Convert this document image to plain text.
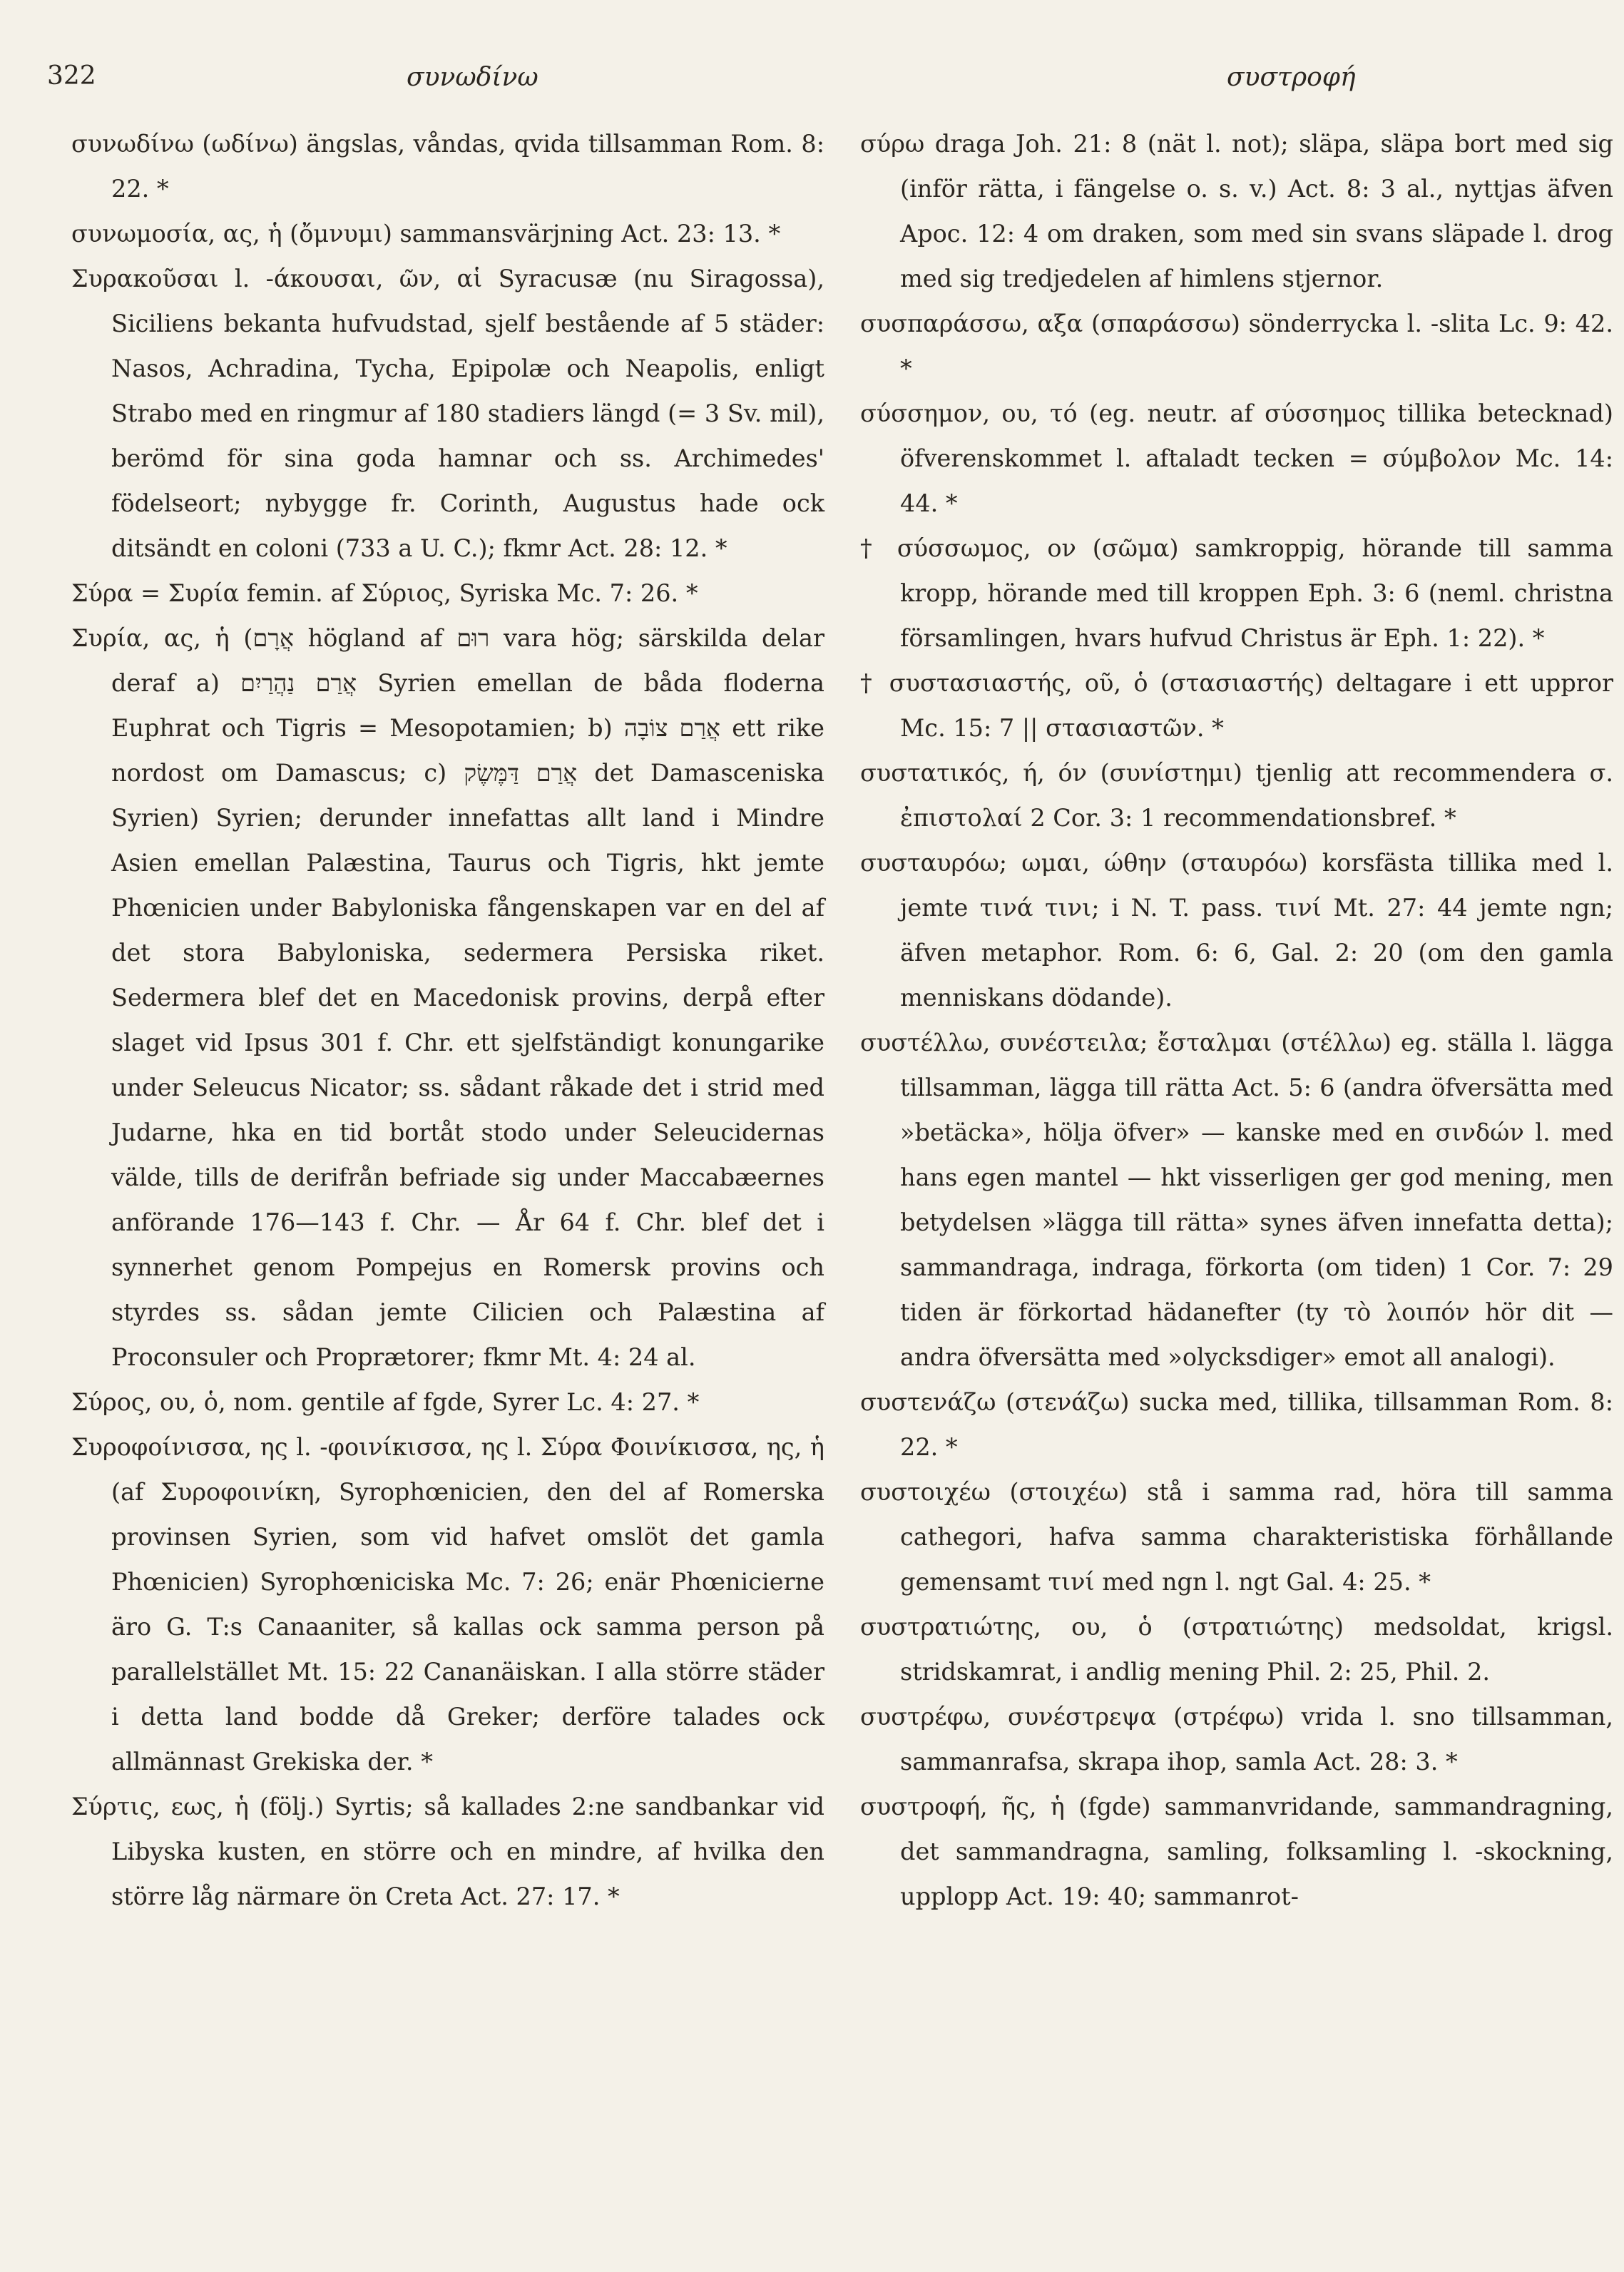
322	συνωδίνω	συστροφή

συνωδίνω (ωδίνω) ängslas, våndas, qvida tillsamman Rom. 8: 22. *

συνωμοσία, ας, ἡ (ὄμνυμι) sammansvärjning Act. 23: 13. *

Συρακοῦσαι l. -άκουσαι, ῶν, αἱ Syracusæ (nu Siragossa), Siciliens bekanta hufvudstad, sjelf bestående af 5 städer: Nasos, Achradina, Tycha, Epipolæ och Neapolis, enligt Strabo med en ringmur af 180 stadiers längd (= 3 Sv. mil), berömd för sina goda hamnar och ss. Archimedes' födelseort; nybygge fr. Corinth, Augustus hade ock ditsändt en coloni (733 a U. C.); fkmr Act. 28: 12. *

Σύρα = Συρία femin. af Σύριος, Syriska Mc. 7: 26. *

Συρία, ας, ἡ (אֲרָם högland af רוּם vara hög; särskilda delar deraf a) אֲרַם נַהֲרַיִם Syrien emellan de båda floderna Euphrat och Tigris = Mesopotamien; b) אֲרַם צוֹבָה ett rike nordost om Damascus; c) אֲרַם דַּמֶּשֶׂק det Damasceniska Syrien) Syrien; derunder innefattas allt land i Mindre Asien emellan Palæstina, Taurus och Tigris, hkt jemte Phœnicien under Babyloniska fångenskapen var en del af det stora Babyloniska, sedermera Persiska riket. Sedermera blef det en Macedonisk provins, derpå efter slaget vid Ipsus 301 f. Chr. ett sjelfständigt konungarike under Seleucus Nicator; ss. sådant råkade det i strid med Judarne, hka en tid bortåt stodo under Seleucidernas välde, tills de derifrån befriade sig under Maccabæernes anförande 176—143 f. Chr. — År 64 f. Chr. blef det i synnerhet genom Pompejus en Romersk provins och styrdes ss. sådan jemte Cilicien och Palæstina af Proconsuler och Proprætorer; fkmr Mt. 4: 24 al.

Σύρος, ου, ὁ, nom. gentile af fgde, Syrer Lc. 4: 27. *

Συροφοίνισσα, ης l. -φοινίκισσα, ης l. Σύρα Φοινίκισσα, ης, ἡ (af Συροφοινίκη, Syrophœnicien, den del af Romerska provinsen Syrien, som vid hafvet omslöt det gamla Phœnicien) Syrophœniciska Mc. 7: 26; enär Phœnicierne äro G. T:s Canaaniter, så kallas ock samma person på parallelstället Mt. 15: 22 Cananäiskan. I alla större städer i detta land bodde då Greker; derföre talades ock allmännast Grekiska der. *

Σύρτις, εως, ἡ (följ.) Syrtis; så kallades 2:ne sandbankar vid Libyska kusten, en större och en mindre, af hvilka den större låg närmare ön Creta Act. 27: 17. *

σύρω draga Joh. 21: 8 (nät l. not); släpa, släpa bort med sig (inför rätta, i fängelse o. s. v.) Act. 8: 3 al., nyttjas äfven Apoc. 12: 4 om draken, som med sin svans släpade l. drog med sig tredjedelen af himlens stjernor.

συσπαράσσω, αξα (σπαράσσω) sönderrycka l. -slita Lc. 9: 42. *

σύσσημον, ου, τό (eg. neutr. af σύσσημος tillika betecknad) öfverenskommet l. aftaladt tecken = σύμβολον Mc. 14: 44. *

† σύσσωμος, ον (σῶμα) samkroppig, hörande till samma kropp, hörande med till kroppen Eph. 3: 6 (neml. christna församlingen, hvars hufvud Christus är Eph. 1: 22). *

† συστασιαστής, οῦ, ὁ (στασιαστής) deltagare i ett uppror Mc. 15: 7 || στασιαστῶν. *

συστατικός, ή, όν (συνίστημι) tjenlig att recommendera σ. ἐπιστολαί 2 Cor. 3: 1 recommendationsbref. *

συσταυρόω; ωμαι, ώθην (σταυρόω) korsfästa tillika med l. jemte τινά τινι; i N. T. pass. τινί Mt. 27: 44 jemte ngn; äfven metaphor. Rom. 6: 6, Gal. 2: 20 (om den gamla menniskans dödande).

συστέλλω, συνέστειλα; ἔσταλμαι (στέλλω) eg. ställa l. lägga tillsamman, lägga till rätta Act. 5: 6 (andra öfversätta med »betäcka», hölja öfver» — kanske med en σινδών l. med hans egen mantel — hkt visserligen ger god mening, men betydelsen »lägga till rätta» synes äfven innefatta detta); sammandraga, indraga, förkorta (om tiden) 1 Cor. 7: 29 tiden är förkortad hädanefter (ty τὸ λοιπόν hör dit — andra öfversätta med »olycksdiger» emot all analogi).

συστενάζω (στενάζω) sucka med, tillika, tillsamman Rom. 8: 22. *

συστοιχέω (στοιχέω) stå i samma rad, höra till samma cathegori, hafva samma charakteristiska förhållande gemensamt τινί med ngn l. ngt Gal. 4: 25. *

συστρατιώτης, ου, ὁ (στρατιώτης) medsoldat, krigsl. stridskamrat, i andlig mening Phil. 2: 25, Phil. 2.

συστρέφω, συνέστρεψα (στρέφω) vrida l. sno tillsamman, sammanrafsa, skrapa ihop, samla Act. 28: 3. *

συστροφή, ῆς, ἡ (fgde) sammanvridande, sammandragning, det sammandragna, samling, folksamling l. -skockning, upplopp Act. 19: 40; sammanrot-
